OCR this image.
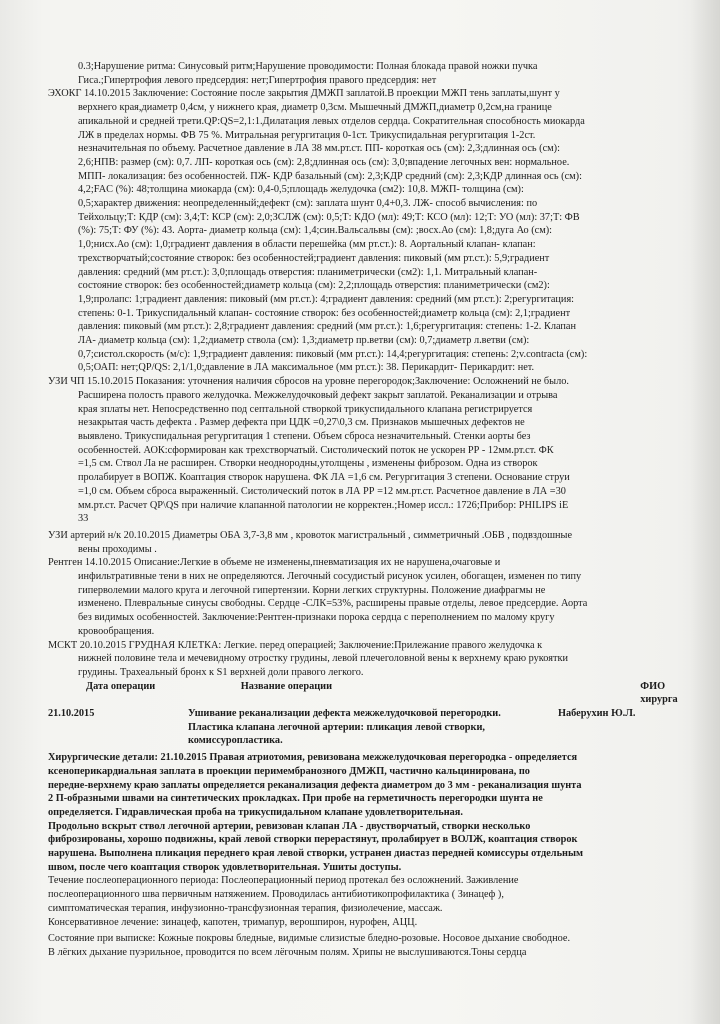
0.3;Нарушение ритма: Синусовый ритм;Нарушение проводимости: Полная блокада правой ножки пучка
Гиса.;Гипертрофия левого предсердия: нет;Гипертрофия правого предсердия: нет
ЭХОКГ 14.10.2015 Заключение: Состояние после закрытия ДМЖП заплатой.В проекции МЖП тень заплаты,шунт у
верхнего края,диаметр 0,4см, у нижнего края, диаметр 0,3см. Мышечный ДМЖП,диаметр 0,2см,на границе
апикальной и средней трети.QP:QS=2,1:1.Дилатация левых отделов сердца. Сократительная способность миокарда
ЛЖ в пределах нормы. ФВ 75 %. Митральная регургитация 0-1ст. Трикуспидальная регургитация 1-2ст.
незначительная по объему. Расчетное давление в ЛА 38 мм.рт.ст. ПП- короткая ось (см): 2,3;длинная ось (см):
2,6;НПВ: размер (см): 0,7. ЛП- короткая ось (см): 2,8;длинная ось (см): 3,0;впадение легочных вен: нормальное.
МПП- локализация: без особенностей. ПЖ- КДР базальный (см): 2,3;КДР средний (см): 2,3;КДР длинная ось (см):
4,2;FAC (%): 48;толщина миокарда (см): 0,4-0,5;площадь желудочка (см2): 10,8. МЖП- толщина (см):
0,5;характер движения: неопределенный;дефект (см): заплата шунт 0,4+0,3. ЛЖ- способ вычисления: по
Тейхольцу;Т: КДР (см): 3,4;Т: КСР (см): 2,0;ЗСЛЖ (см): 0,5;Т: КДО (мл): 49;Т: КСО (мл): 12;Т: УО (мл): 37;Т: ФВ
(%): 75;Т: ФУ (%): 43. Аорта- диаметр кольца (см): 1,4;син.Вальсальвы (см): ;восх.Ао (см): 1,8;дуга Ао (см):
1,0;нисх.Ао (см): 1,0;градиент давления в области перешейка (мм рт.ст.): 8. Аортальный клапан- клапан:
трехстворчатый;состояние створок: без особенностей;градиент давления: пиковый (мм рт.ст.): 5,9;градиент
давления: средний (мм рт.ст.): 3,0;площадь отверстия: планиметрически (см2): 1,1. Митральный клапан-
состояние створок: без особенностей;диаметр кольца (см): 2,2;площадь отверстия: планиметрически (см2):
1,9;пролапс: 1;градиент давления: пиковый (мм рт.ст.): 4;градиент давления: средний (мм рт.ст.): 2;регургитация:
степень: 0-1. Трикуспидальный клапан- состояние створок: без особенностей;диаметр кольца (см): 2,1;градиент
давления: пиковый (мм рт.ст.): 2,8;градиент давления: средний (мм рт.ст.): 1,6;регургитация: степень: 1-2. Клапан
ЛА- диаметр кольца (см): 1,2;диаметр ствола (см): 1,3;диаметр пр.ветви (см): 0,7;диаметр л.ветви (см):
0,7;систол.скорость (м/с): 1,9;градиент давления: пиковый (мм рт.ст.): 14,4;регургитация: степень: 2;v.contracta (см):
0,5;ОАП: нет;QP/QS: 2,1/1,0;давление в ЛА максимальное (мм рт.ст.): 38. Перикардит- Перикардит: нет.
УЗИ ЧП 15.10.2015 Показания: уточнения наличия сбросов на уровне перегородок;Заключение: Осложнений не было.
Расширена полость правого желудочка. Межжелудочковый дефект закрыт заплатой. Реканализации и отрыва
края зплаты нет. Непосредственно под септальной створкой трикуспидального клапана регистрируется
незакрытая часть дефекта . Размер дефекта при ЦДК =0,27\0,3 см. Признаков мышечных дефектов не
выявлено. Трикуспидальная регургитация 1 степени. Объем сброса незначительный. Стенки аорты без
особенностей. АОК:сформирован как трехстворчатый. Систолический поток не ускорен РР - 12мм.рт.ст. ФК
=1,5 см. Ствол Ла не расширен. Створки неоднородны,утолщены , изменены фиброзом. Одна из створок
пролабирует в ВОПЖ. Коаптация створок нарушена. ФК ЛА =1,6 см. Регургитация 3 степени. Основание струи
=1,0 см. Объем сброса выраженный. Систолический поток в ЛА РР =12 мм.рт.ст. Расчетное давление в ЛА =30
мм.рт.ст. Расчет QP\QS при наличие клапанной патологии не корректен.;Номер иссл.: 1726;Прибор: PHILIPS iE
33
УЗИ артерий н/к 20.10.2015 Диаметры ОБА 3,7-3,8 мм , кровоток магистральный , симметричный .ОБВ , подвздошные
вены проходимы .
Рентген 14.10.2015 Описание:Легкие в объеме не изменены,пневматизация их не нарушена,очаговые и
инфильтративные тени в них не определяются. Легочный сосудистый рисунок усилен, обогащен, изменен по типу
гиперволемии малого круга и легочной гипертензии. Корни легких структурны. Положение диафрагмы не
изменено. Плевральные синусы свободны. Сердце -СЛК=53%, расширены правые отделы, левое предсердие. Аорта
без видимых особенностей. Заключение:Рентген-признаки порока сердца с переполнением по малому кругу
кровообращения.
МСКТ 20.10.2015 ГРУДНАЯ КЛЕТКА: Легкие. перед операцией; Заключение:Прилежание правого желудочка к
нижней половине тела и мечевидному отростку грудины, левой плечеголовной вены к верхнему краю рукоятки
грудины. Трахеальный бронх к S1 верхней доли правого легкого.
Дата операции	Название операции	ФИО хирурга
21.10.2015	Ушивание реканализации дефекта межжелудочковой перегородки.
Пластика клапана легочной артерии: пликация левой створки,
комиссуропластика.
Наберухин Ю.Л.
Хирургические детали: 21.10.2015 Правая атриотомия, ревизована межжелудочковая перегородка - определяется
ксеноперикардиальная заплата в проекции перимембранозного ДМЖП, частично кальцинирована, по
передне-верхнему краю заплаты определяется реканализация дефекта диаметром до 3 мм - реканализация шунта
2 П-образными швами на синтетических прокладках. При пробе на герметичность перегородки шунта не
определяется. Гидравлическая проба на трикуспидальном клапане удовлетворительная.
Продольно вскрыт ствол легочной артерии, ревизован клапан ЛА - двустворчатый, створки несколько
фиброзированы, хорошо подвижны, край левой створки перерастянут, пролабирует в ВОЛЖ, коаптация створок
нарушена. Выполнена пликация переднего края левой створки, устранен диастаз передней комиссуры отдельным
швом, после чего коаптация створок удовлетворительная. Ушиты доступы.
Течение послеоперационного периода: Послеоперационный период протекал без осложнений. Заживление
послеоперационного шва первичным натяжением. Проводилась антибиотикопрофилактика ( Зинацеф ),
симптоматическая терапия, инфузионно-трансфузионная терапия, физиолечение, массаж.
Консервативное лечение: зинацеф, капотен, тримапур, верошпирон, нурофен, АЦЦ.
Состояние при выписке: Кожные покровы бледные, видимые слизистые бледно-розовые. Носовое дыхание свободное.
В лёгких дыхание пуэрильное, проводится по всем лёгочным полям. Хрипы не выслушиваются.Тоны сердца
